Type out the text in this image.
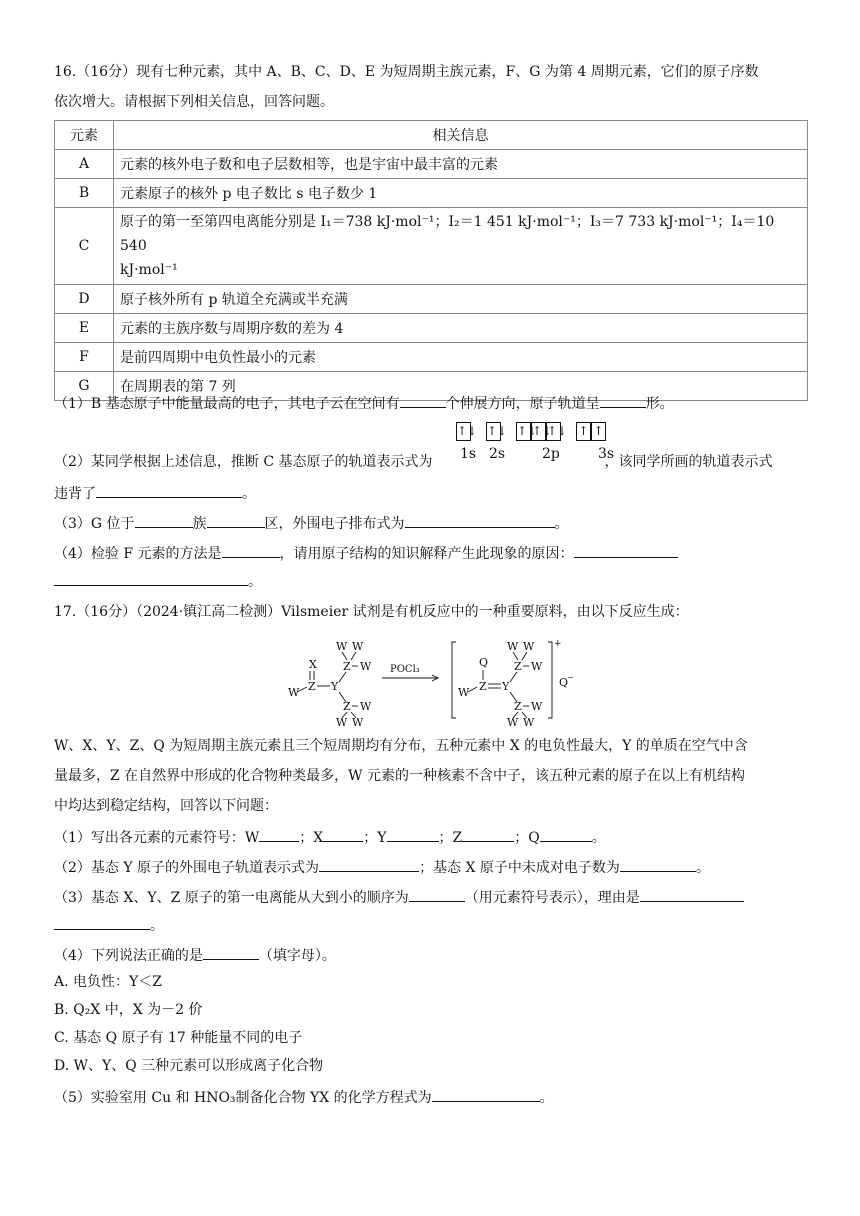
16.（16分）现有七种元素，其中 A、B、C、D、E 为短周期主族元素，F、G 为第 4 周期元素，它们的原子序数
依次增大。请根据下列相关信息，回答问题。
元素	相关信息
A	元素的核外电子数和电子层数相等，也是宇宙中最丰富的元素
B	元素原子的核外 p 电子数比 s 电子数少 1
C	原子的第一至第四电离能分别是 I₁＝738 kJ·mol⁻¹；I₂＝1 451 kJ·mol⁻¹；I₃＝7 733 kJ·mol⁻¹；I₄＝10 540
kJ·mol⁻¹

D	原子核外所有 p 轨道全充满或半充满
E	元素的主族序数与周期序数的差为 4
F	是前四周期中电负性最小的元素
G	在周期表的第 7 列
（1）B 基态原子中能量最高的电子，其电子云在空间有	个伸展方向，原子轨道呈	形。
↑↓ ↑↓ ↑↓
↑↓
↑↓ ↑ ↑
1s 2s	2p	3s
（2）某同学根据上述信息，推断 C 基态原子的轨道表示式为	，该同学所画的轨道表示式
违背了	。
（3）G 位于	族	区，外围电子排布式为	。
（4）检验 F 元素的方法是	，请用原子结构的知识解释产生此现象的原因：
。
17.（16分）（2024·镇江高二检测）Vilsmeier 试剂是有机反应中的一种重要原料，由以下反应生成：
X
Z
W	Y
Z W
W W
Z W
W W
POCl₃
+
Q
−
Q
Z
W	Y
Z W
W W
Z W
W W
W、X、Y、Z、Q 为短周期主族元素且三个短周期均有分布，五种元素中 X 的电负性最大，Y 的单质在空气中含
量最多，Z 在自然界中形成的化合物种类最多，W 元素的一种核素不含中子，该五种元素的原子在以上有机结构
中均达到稳定结构，回答以下问题：
（1）写出各元素的元素符号：W	；X	；Y	；Z	；Q	。
（2）基态 Y 原子的外围电子轨道表示式为	；基态 X 原子中未成对电子数为	。
（3）基态 X、Y、Z 原子的第一电离能从大到小的顺序为	（用元素符号表示），理由是
。
（4）下列说法正确的是	（填字母）。
A. 电负性：Y＜Z
B. Q₂X 中，X 为－2 价
C. 基态 Q 原子有 17 种能量不同的电子
D. W、Y、Q 三种元素可以形成离子化合物
（5）实验室用 Cu 和 HNO₃制备化合物 YX 的化学方程式为	。
